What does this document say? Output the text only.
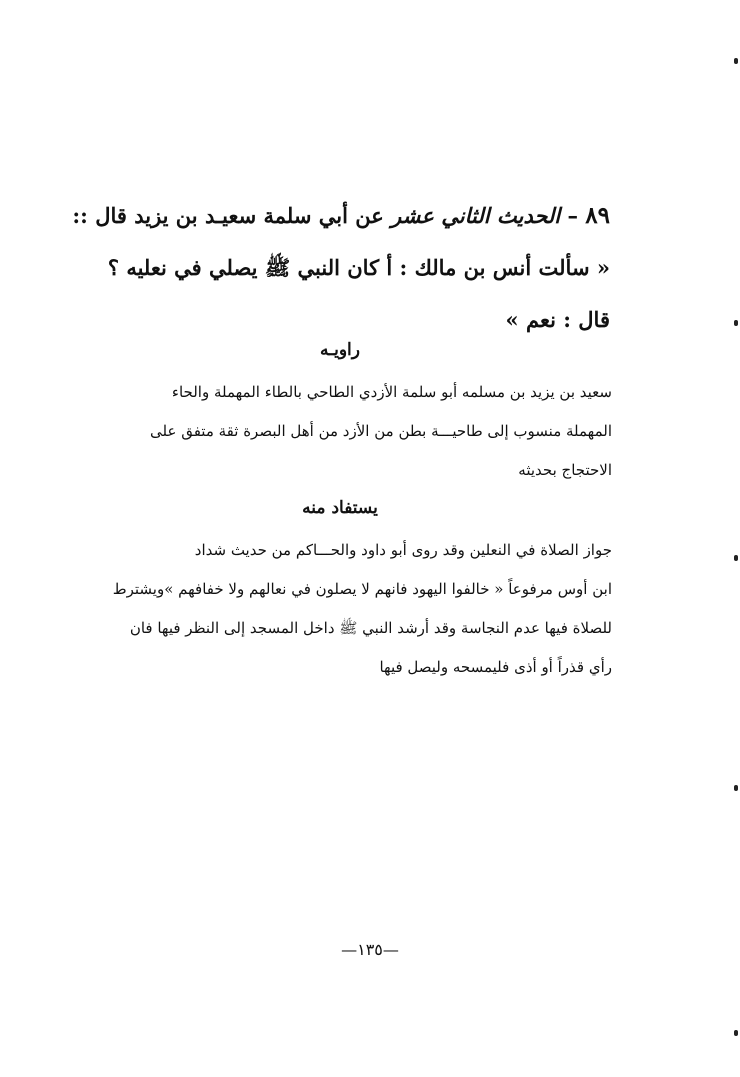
٨٩ – الحديث الثاني عشر عن أبي سلمة سعيـد بن يزيد قال ::
« سألت أنس بن مالك : أ كان النبي ﷺ يصلي في نعليه ؟
قال : نعم »
راويـه
سعيد بن يزيد بن مسلمه أبو سلمة الأزدي الطاحي بالطاء المهملة والحاء
المهملة منسوب إلى طاحيـــة بطن من الأزد من أهل البصرة ثقة متفق على
الاحتجاج بحديثه
يستفاد منه
جواز الصلاة في النعلين وقد روى أبو داود والحـــاكم من حديث شداد
ابن أوس مرفوعاً « خالفوا اليهود فانهم لا يصلون في نعالهم ولا خفافهم »ويشترط
للصلاة فيها عدم النجاسة وقد أرشد النبي ﷺ داخل المسجد إلى النظر فيها فان
رأي قذراً أو أذى فليمسحه وليصل فيها
—١٣٥—
